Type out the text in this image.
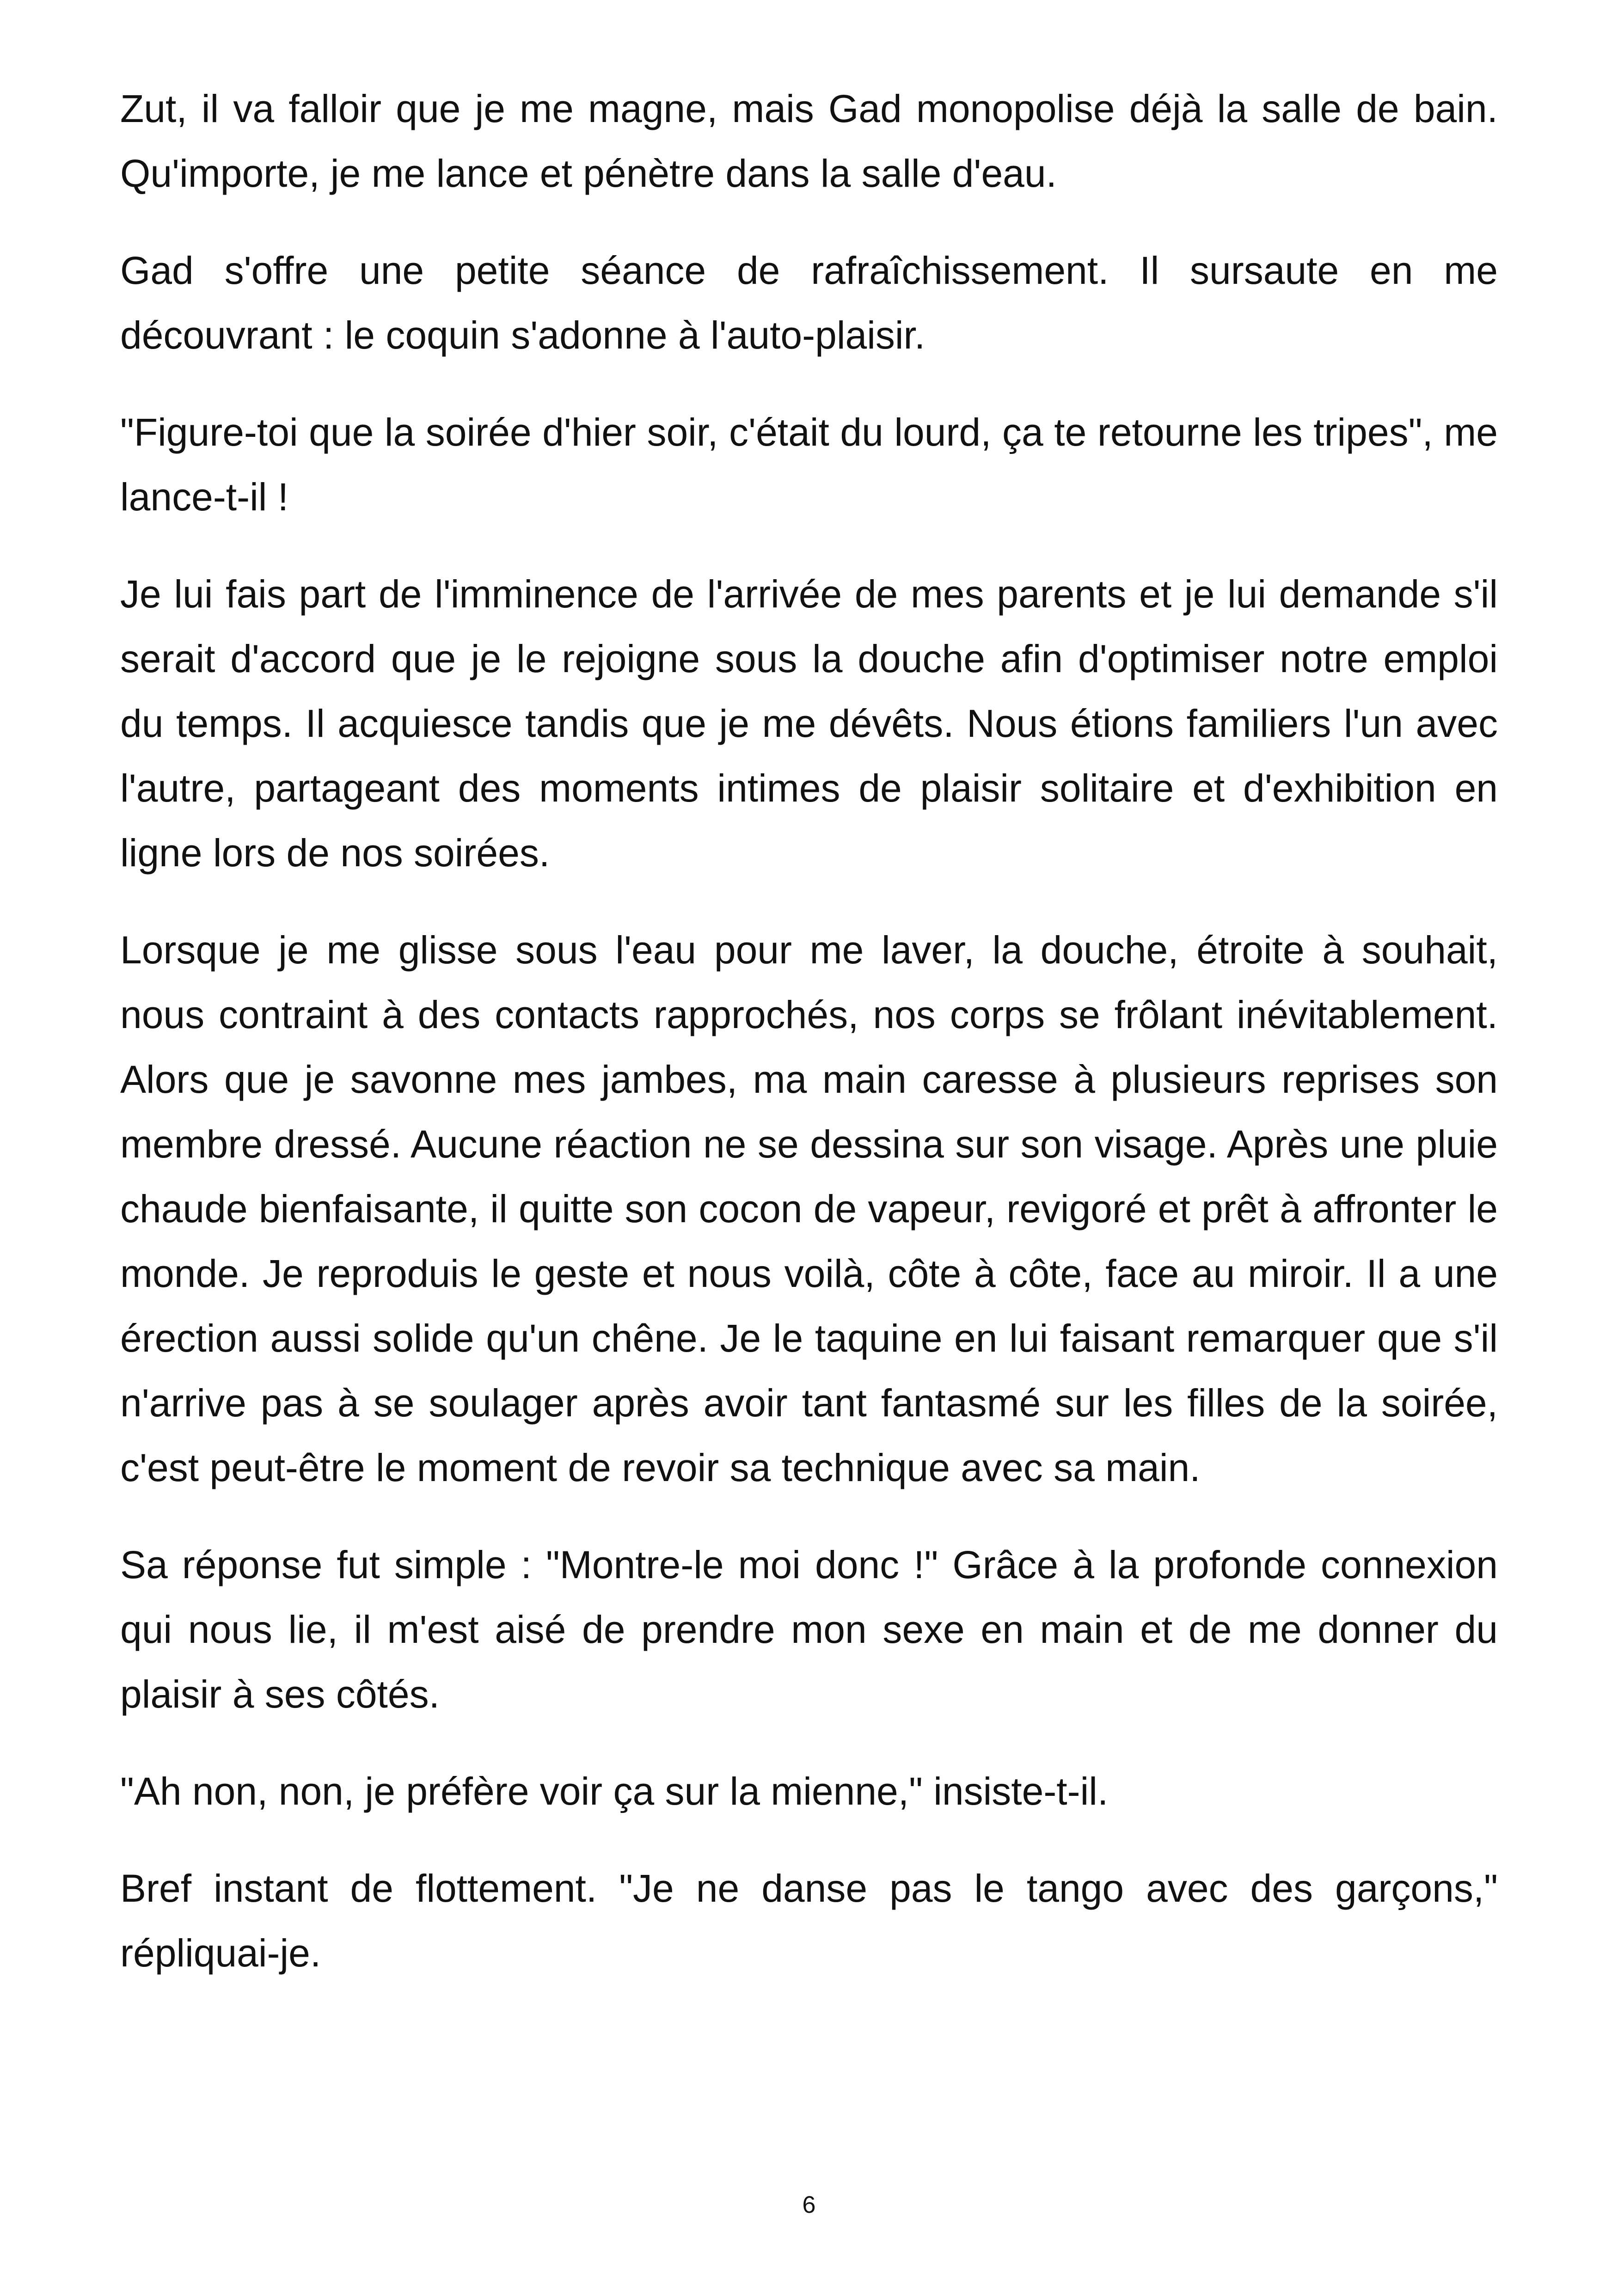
Zut, il va falloir que je me magne, mais Gad monopolise déjà la salle de bain. Qu'importe, je me lance et pénètre dans la salle d'eau.

Gad s'offre une petite séance de rafraîchissement. Il sursaute en me découvrant : le coquin s'adonne à l'auto-plaisir.

"Figure-toi que la soirée d'hier soir, c'était du lourd, ça te retourne les tripes", me lance-t-il !

Je lui fais part de l'imminence de l'arrivée de mes parents et je lui demande s'il serait d'accord que je le rejoigne sous la douche afin d'optimiser notre emploi du temps. Il acquiesce tandis que je me dévêts. Nous étions familiers l'un avec l'autre, partageant des moments intimes de plaisir solitaire et d'exhibition en ligne lors de nos soirées.

Lorsque je me glisse sous l'eau pour me laver, la douche, étroite à souhait, nous contraint à des contacts rapprochés, nos corps se frôlant inévitablement. Alors que je savonne mes jambes, ma main caresse à plusieurs reprises son membre dressé. Aucune réaction ne se dessina sur son visage. Après une pluie chaude bienfaisante, il quitte son cocon de vapeur, revigoré et prêt à affronter le monde. Je reproduis le geste et nous voilà, côte à côte, face au miroir. Il a une érection aussi solide qu'un chêne. Je le taquine en lui faisant remarquer que s'il n'arrive pas à se soulager après avoir tant fantasmé sur les filles de la soirée, c'est peut-être le moment de revoir sa technique avec sa main.

Sa réponse fut simple : "Montre-le moi donc !" Grâce à la profonde connexion qui nous lie, il m'est aisé de prendre mon sexe en main et de me donner du plaisir à ses côtés.

"Ah non, non, je préfère voir ça sur la mienne," insiste-t-il.

Bref instant de flottement. "Je ne danse pas le tango avec des garçons," répliquai-je.

6
